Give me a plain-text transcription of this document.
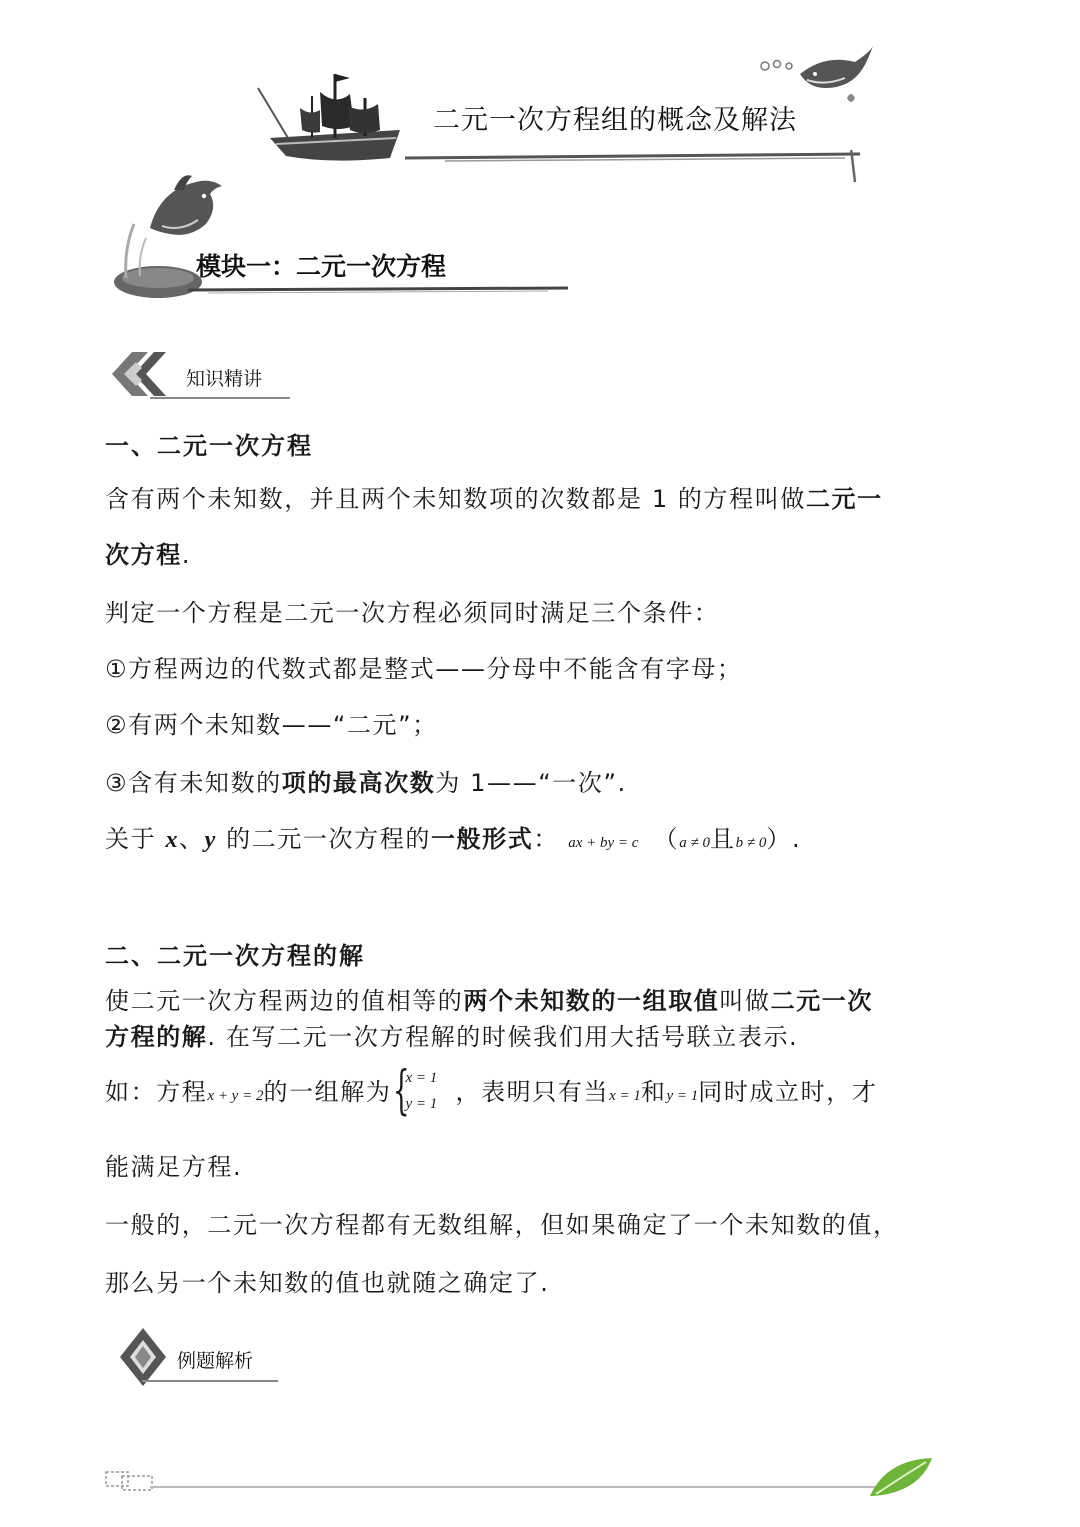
二元一次方程组的概念及解法
模块一：二元一次方程
知识精讲
一、二元一次方程
含有两个未知数，并且两个未知数项的次数都是 1 的方程叫做二元一
次方程.
判定一个方程是二元一次方程必须同时满足三个条件：
①方程两边的代数式都是整式——分母中不能含有字母；
②有两个未知数——“二元”；
③含有未知数的项的最高次数为 1——“一次”.
关于 x、y 的二元一次方程的一般形式： ax + by = c （a ≠ 0且b ≠ 0）.
二、二元一次方程的解
使二元一次方程两边的值相等的两个未知数的一组取值叫做二元一次
方程的解. 在写二元一次方程解的时候我们用大括号联立表示.
如：方程x + y = 2的一组解为 {
x = 1
y = 1 ，表明只有当x = 1和y = 1同时成立时，才
能满足方程.
一般的，二元一次方程都有无数组解，但如果确定了一个未知数的值，
那么另一个未知数的值也就随之确定了.
例题解析
